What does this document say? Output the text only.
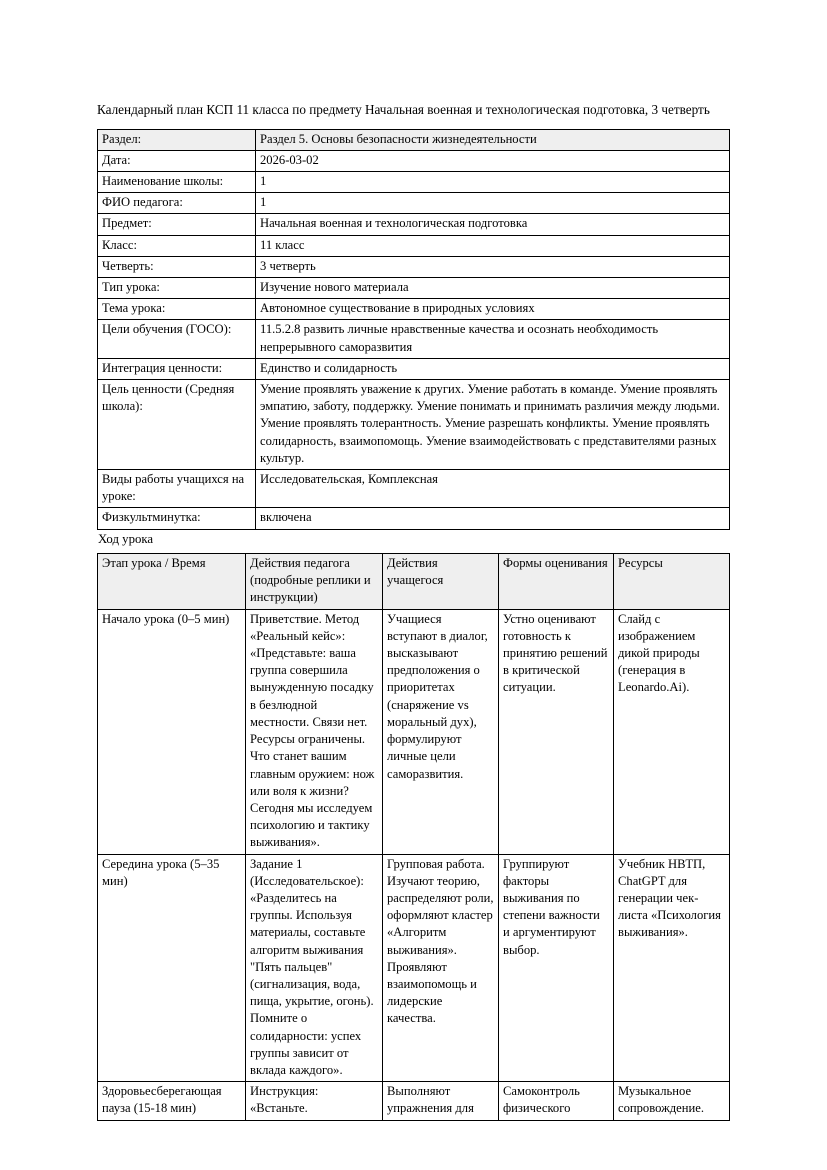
Календарный план КСП 11 класса по предмету Начальная военная и технологическая подготовка, 3 четверть

Раздел:	Раздел 5. Основы безопасности жизнедеятельности
Дата:	2026-03-02
Наименование школы:	1
ФИО педагога:	1
Предмет:	Начальная военная и технологическая подготовка
Класс:	11 класс
Четверть:	3 четверть
Тип урока:	Изучение нового материала
Тема урока:	Автономное существование в природных условиях
Цели обучения (ГОСО):	11.5.2.8 развить личные нравственные качества и осознать необходимость непрерывного саморазвития
Интеграция ценности:	Единство и солидарность
Цель ценности (Средняя школа):	Умение проявлять уважение к других. Умение работать в команде. Умение проявлять эмпатию, заботу, поддержку. Умение понимать и принимать различия между людьми. Умение проявлять толерантность. Умение разрешать конфликты. Умение проявлять солидарность, взаимопомощь. Умение взаимодействовать с представителями разных культур.
Виды работы учащихся на уроке:	Исследовательская, Комплексная
Физкультминутка:	включена

Ход урока

Этап урока / Время	Действия педагога (подробные реплики и инструкции)	Действия учащегося	Формы оценивания	Ресурсы
Начало урока (0–5 мин)	Приветствие. Метод «Реальный кейс»: «Представьте: ваша группа совершила вынужденную посадку в безлюдной местности. Связи нет. Ресурсы ограничены. Что станет вашим главным оружием: нож или воля к жизни? Сегодня мы исследуем психологию и тактику выживания».	Учащиеся вступают в диалог, высказывают предположения о приоритетах (снаряжение vs моральный дух), формулируют личные цели саморазвития.	Устно оценивают готовность к принятию решений в критической ситуации.	Слайд с изображением дикой природы (генерация в Leonardo.Ai).
Середина урока (5–35 мин)	Задание 1 (Исследовательское): «Разделитесь на группы. Используя материалы, составьте алгоритм выживания "Пять пальцев" (сигнализация, вода, пища, укрытие, огонь). Помните о солидарности: успех группы зависит от вклада каждого».	Групповая работа. Изучают теорию, распределяют роли, оформляют кластер «Алгоритм выживания». Проявляют взаимопомощь и лидерские качества.	Группируют факторы выживания по степени важности и аргументируют выбор.	Учебник НВТП, ChatGPT для генерации чек-листа «Психология выживания».
Здоровьесберегающая пауза (15-18 мин)	Инструкция: «Встаньте.	Выполняют упражнения для	Самоконтроль физического	Музыкальное сопровождение.
